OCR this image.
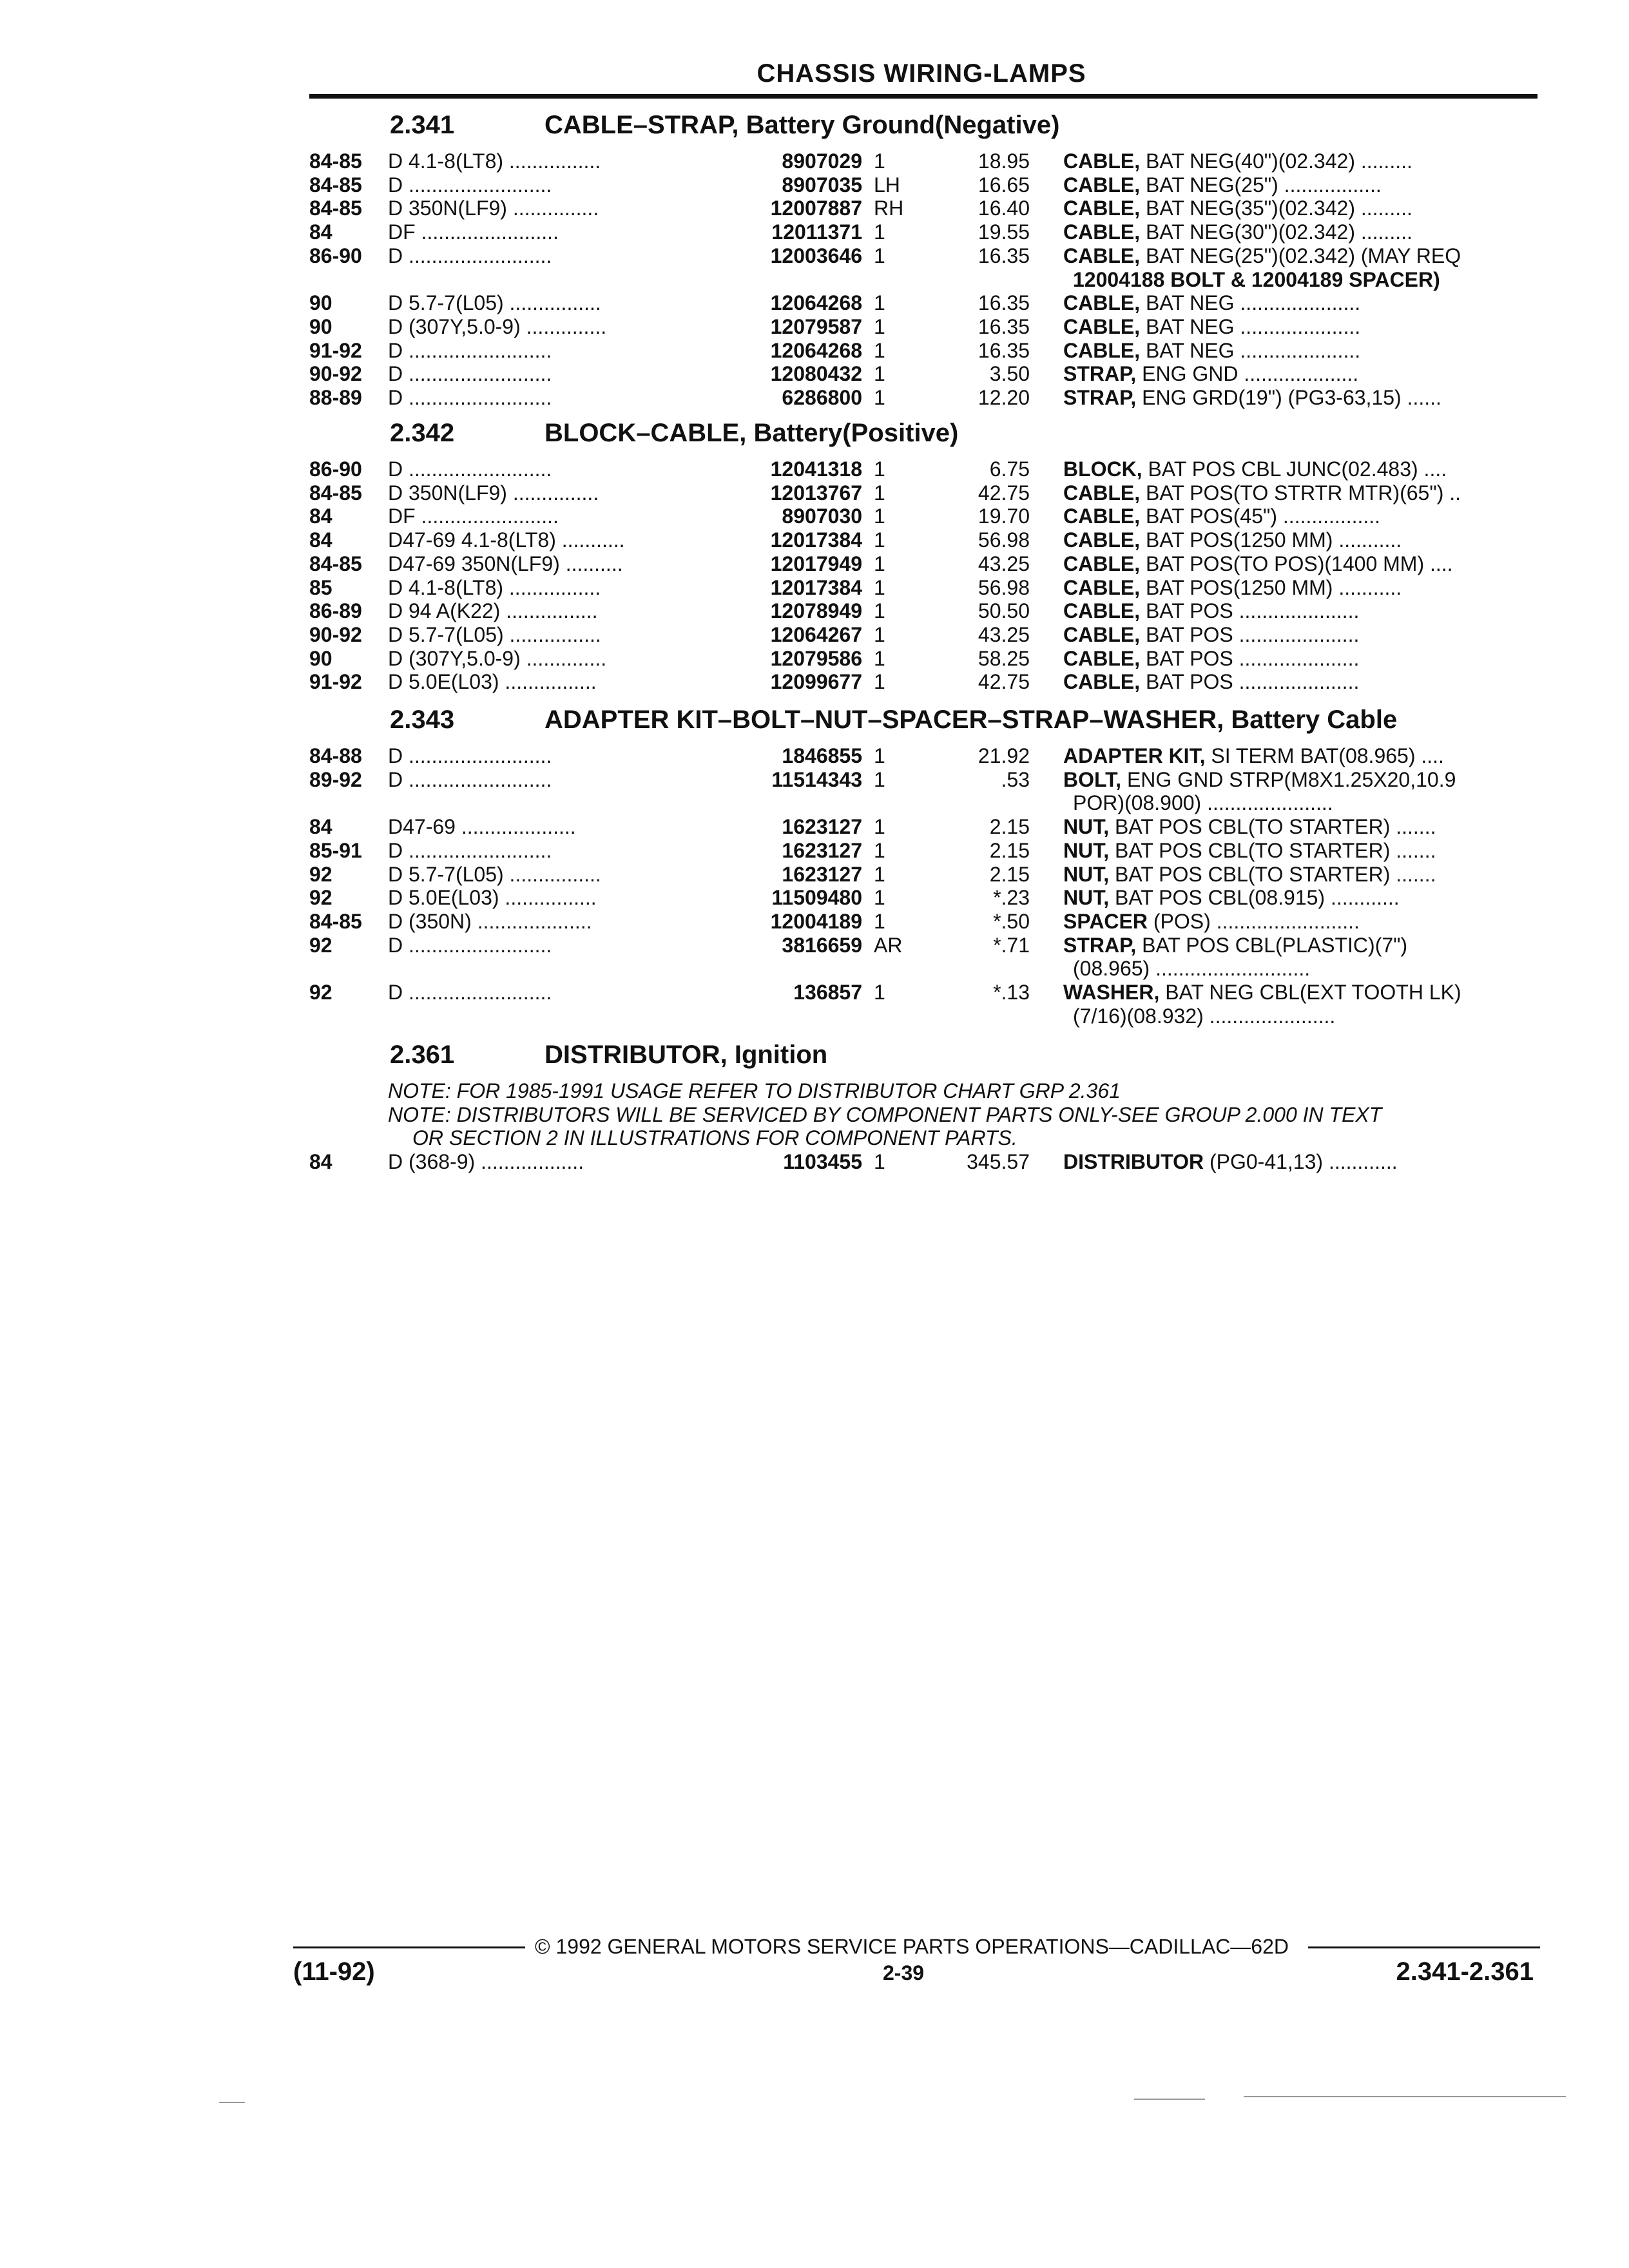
CHASSIS WIRING-LAMPS
2.341	CABLE–STRAP, Battery Ground(Negative)
84-85 D 4.1-8(LT8) ................	8907029 1	18.95 CABLE, BAT NEG(40")(02.342) .........
84-85 D .........................	8907035 LH	16.65 CABLE, BAT NEG(25") .................
84-85 D 350N(LF9) ...............	12007887 RH	16.40 CABLE, BAT NEG(35")(02.342) .........
84	DF ........................	12011371 1	19.55 CABLE, BAT NEG(30")(02.342) .........
86-90 D .........................	12003646 1	16.35 CABLE, BAT NEG(25")(02.342) (MAY REQ
12004188 BOLT & 12004189 SPACER)
90	D 5.7-7(L05) ................	12064268 1	16.35 CABLE, BAT NEG .....................
90	D (307Y,5.0-9) ..............	12079587 1	16.35 CABLE, BAT NEG .....................
91-92 D .........................	12064268 1	16.35 CABLE, BAT NEG .....................
90-92 D .........................	12080432 1	3.50 STRAP, ENG GND ....................
88-89 D .........................	6286800 1	12.20 STRAP, ENG GRD(19") (PG3-63,15) ......
2.342	BLOCK–CABLE, Battery(Positive)
86-90 D .........................	12041318 1	6.75 BLOCK, BAT POS CBL JUNC(02.483) ....
84-85 D 350N(LF9) ...............	12013767 1	42.75 CABLE, BAT POS(TO STRTR MTR)(65") ..
84	DF ........................	8907030 1	19.70 CABLE, BAT POS(45") .................
84	D47-69 4.1-8(LT8) ...........	12017384 1	56.98 CABLE, BAT POS(1250 MM) ...........
84-85 D47-69 350N(LF9) ..........	12017949 1	43.25 CABLE, BAT POS(TO POS)(1400 MM) ....
85	D 4.1-8(LT8) ................	12017384 1	56.98 CABLE, BAT POS(1250 MM) ...........
86-89 D 94 A(K22) ................	12078949 1	50.50 CABLE, BAT POS .....................
90-92 D 5.7-7(L05) ................	12064267 1	43.25 CABLE, BAT POS .....................
90	D (307Y,5.0-9) ..............	12079586 1	58.25 CABLE, BAT POS .....................
91-92 D 5.0E(L03) ................	12099677 1	42.75 CABLE, BAT POS .....................
2.343	ADAPTER KIT–BOLT–NUT–SPACER–STRAP–WASHER, Battery Cable
84-88 D .........................	1846855 1	21.92 ADAPTER KIT, SI TERM BAT(08.965) ....
89-92 D .........................	11514343 1	.53 BOLT, ENG GND STRP(M8X1.25X20,10.9
POR)(08.900) ......................
84	D47-69 ....................	1623127 1	2.15 NUT, BAT POS CBL(TO STARTER) .......
85-91 D .........................	1623127 1	2.15 NUT, BAT POS CBL(TO STARTER) .......
92	D 5.7-7(L05) ................	1623127 1	2.15 NUT, BAT POS CBL(TO STARTER) .......
92	D 5.0E(L03) ................	11509480 1	*.23 NUT, BAT POS CBL(08.915) ............
84-85 D (350N) ....................	12004189 1	*.50 SPACER (POS) .........................
92	D .........................	3816659 AR	*.71 STRAP, BAT POS CBL(PLASTIC)(7")
(08.965) ...........................
92	D .........................	136857 1	*.13 WASHER, BAT NEG CBL(EXT TOOTH LK)
(7/16)(08.932) ......................
2.361	DISTRIBUTOR, Ignition
NOTE: FOR 1985-1991 USAGE REFER TO DISTRIBUTOR CHART GRP 2.361
NOTE: DISTRIBUTORS WILL BE SERVICED BY COMPONENT PARTS ONLY-SEE GROUP 2.000 IN TEXT
OR SECTION 2 IN ILLUSTRATIONS FOR COMPONENT PARTS.
84	D (368-9) ..................	1103455 1	345.57 DISTRIBUTOR (PG0-41,13) ............
© 1992 GENERAL MOTORS SERVICE PARTS OPERATIONS—CADILLAC—62D
(11-92)	2-39	2.341-2.361
